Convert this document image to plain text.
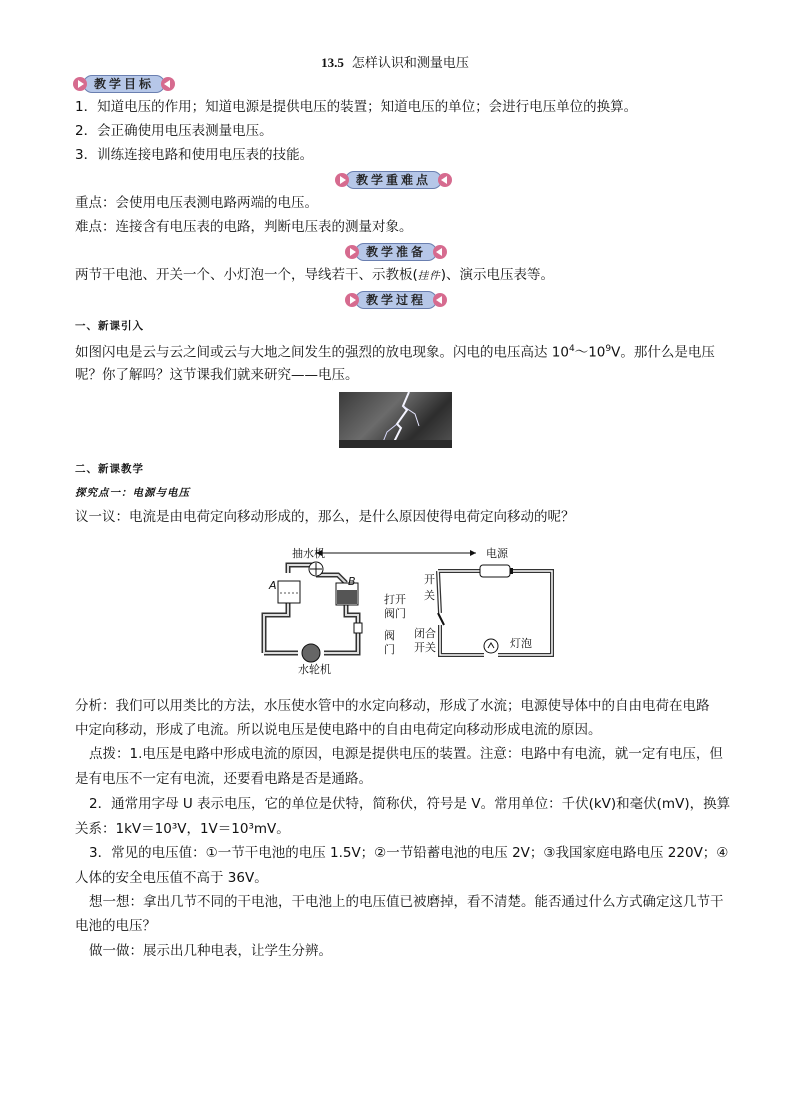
13.5 怎样认识和测量电压
教学目标
1．知道电压的作用；知道电源是提供电压的装置；知道电压的单位；会进行电压单位的换算。
2．会正确使用电压表测量电压。
3．训练连接电路和使用电压表的技能。
教学重难点
重点：会使用电压表测电路两端的电压。
难点：连接含有电压表的电路，判断电压表的测量对象。
教学准备
两节干电池、开关一个、小灯泡一个，导线若干、示教板(挂件)、演示电压表等。
教学过程
一、新课引入
如图闪电是云与云之间或云与大地之间发生的强烈的放电现象。闪电的电压高达 $10^4\sim 10^9V$。那什么是电压
呢？你了解吗？这节课我们就来研究——电压。
二、新课教学
探究点一：电源与电压
议一议：电流是由电荷定向移动形成的，那么，是什么原因使得电荷定向移动的呢？
抽水机	电源
A	B
水轮机
打开
阀门
阀
门
开
关
闭合
开关	灯泡
分析：我们可以用类比的方法，水压使水管中的水定向移动，形成了水流；电源使导体中的自由电荷在电路
中定向移动，形成了电流。所以说电压是使电路中的自由电荷定向移动形成电流的原因。
点拨：1.电压是电路中形成电流的原因，电源是提供电压的装置。注意：电路中有电流，就一定有电压，但
是有电压不一定有电流，还要看电路是否是通路。
2．通常用字母 U 表示电压，它的单位是伏特，简称伏，符号是 V。常用单位：千伏(kV)和毫伏(mV)，换算
关系：1kV＝10³V，1V＝10³mV。
3．常见的电压值：①一节干电池的电压 1.5V；②一节铅蓄电池的电压 2V；③我国家庭电路电压 220V；④
人体的安全电压值不高于 36V。
想一想：拿出几节不同的干电池，干电池上的电压值已被磨掉，看不清楚。能否通过什么方式确定这几节干
电池的电压？
做一做：展示出几种电表，让学生分辨。
